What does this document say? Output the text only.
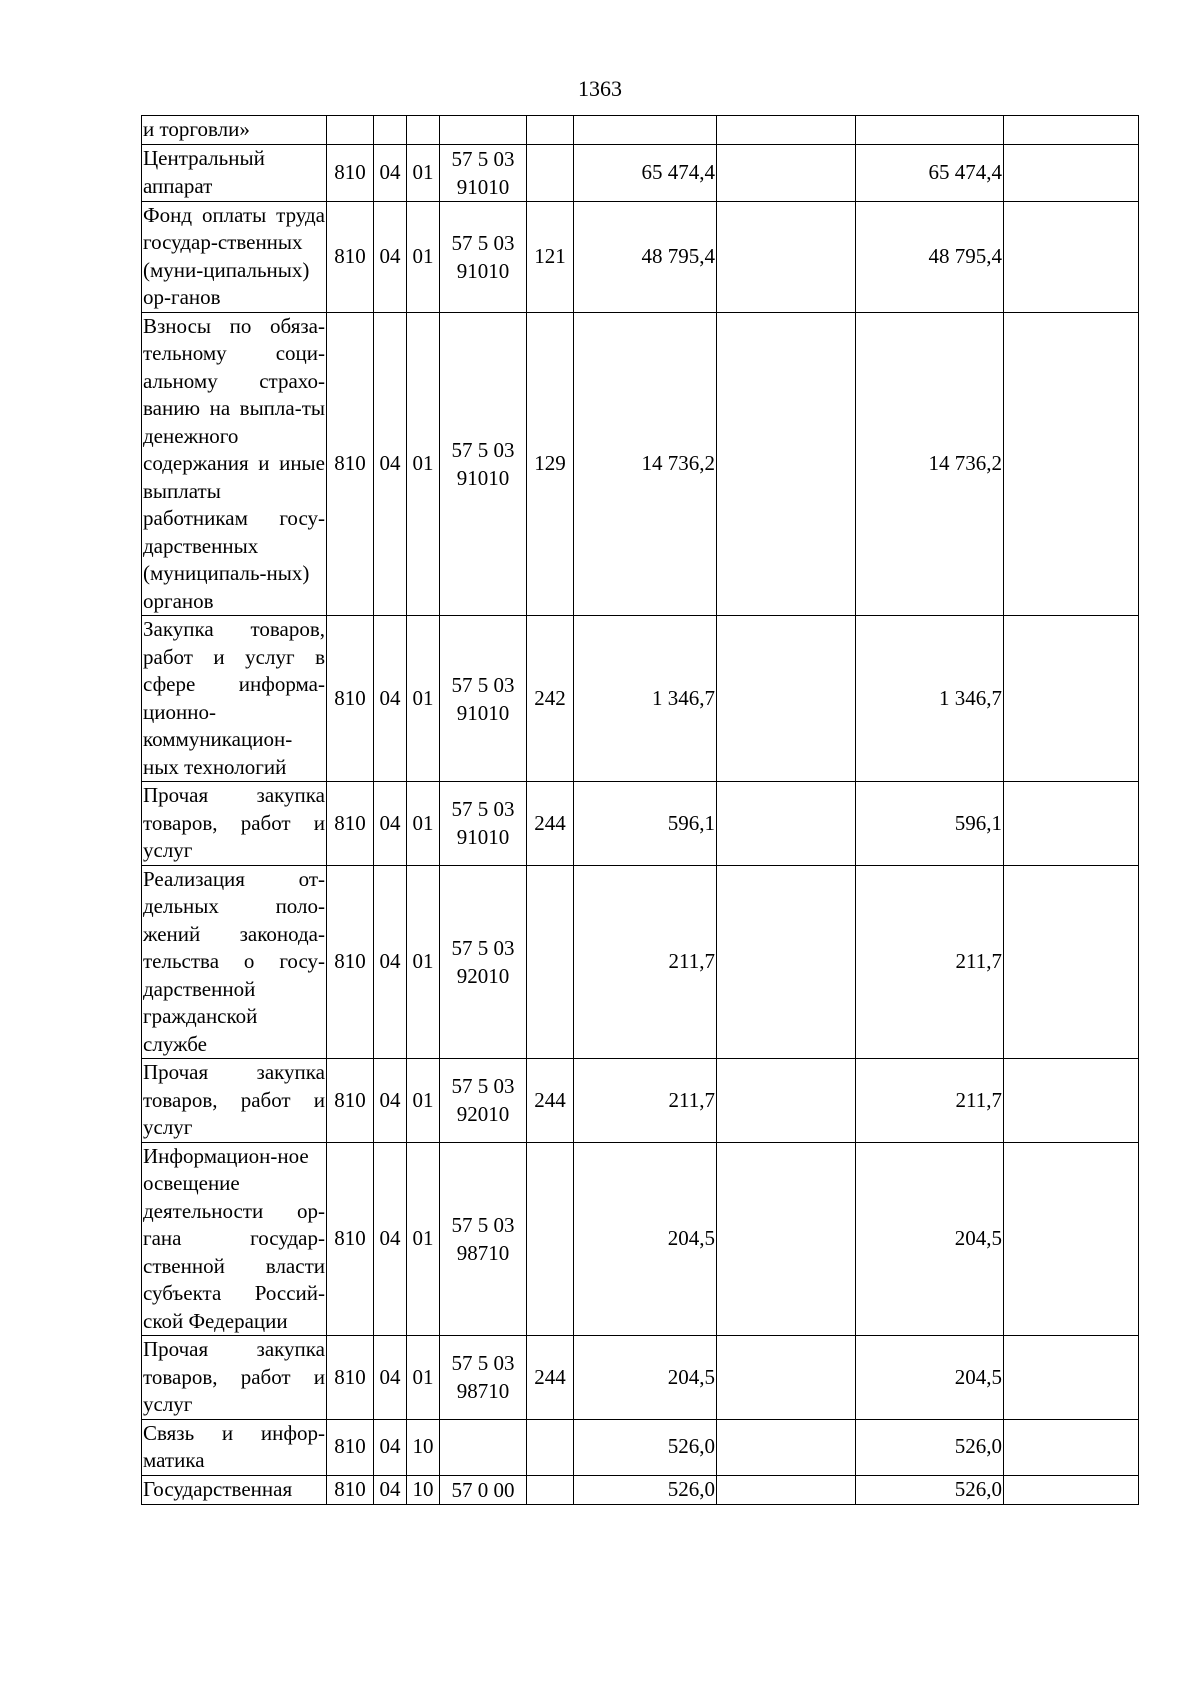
1363
и торговли»									
Центральный аппарат	810	04	01	57 5 03 91010		65 474,4		65 474,4	
Фонд оплаты труда государ-ственных (муни-ципальных) ор-ганов	810	04	01	57 5 03 91010	121	48 795,4		48 795,4	
Взносы по обяза-тельному соци-альному страхо-ванию на выпла-ты денежного содержания и иные выплаты работникам госу-дарственных (муниципаль-ных) органов	810	04	01	57 5 03 91010	129	14 736,2		14 736,2	
Закупка товаров, работ и услуг в сфере информа-ционно-коммуникацион-ных технологий	810	04	01	57 5 03 91010	242	1 346,7		1 346,7	
Прочая закупка товаров, работ и услуг	810	04	01	57 5 03 91010	244	596,1		596,1	
Реализация от-дельных поло-жений законода-тельства о госу-дарственной гражданской службе	810	04	01	57 5 03 92010		211,7		211,7	
Прочая закупка товаров, работ и услуг	810	04	01	57 5 03 92010	244	211,7		211,7	
Информацион-ное освещение деятельности ор-гана государ-ственной власти субъекта Россий-ской Федерации	810	04	01	57 5 03 98710		204,5		204,5	
Прочая закупка товаров, работ и услуг	810	04	01	57 5 03 98710	244	204,5		204,5	
Связь и инфор-матика	810	04	10			526,0		526,0	
Государственная	810	04	10	57 0 00		526,0		526,0	
